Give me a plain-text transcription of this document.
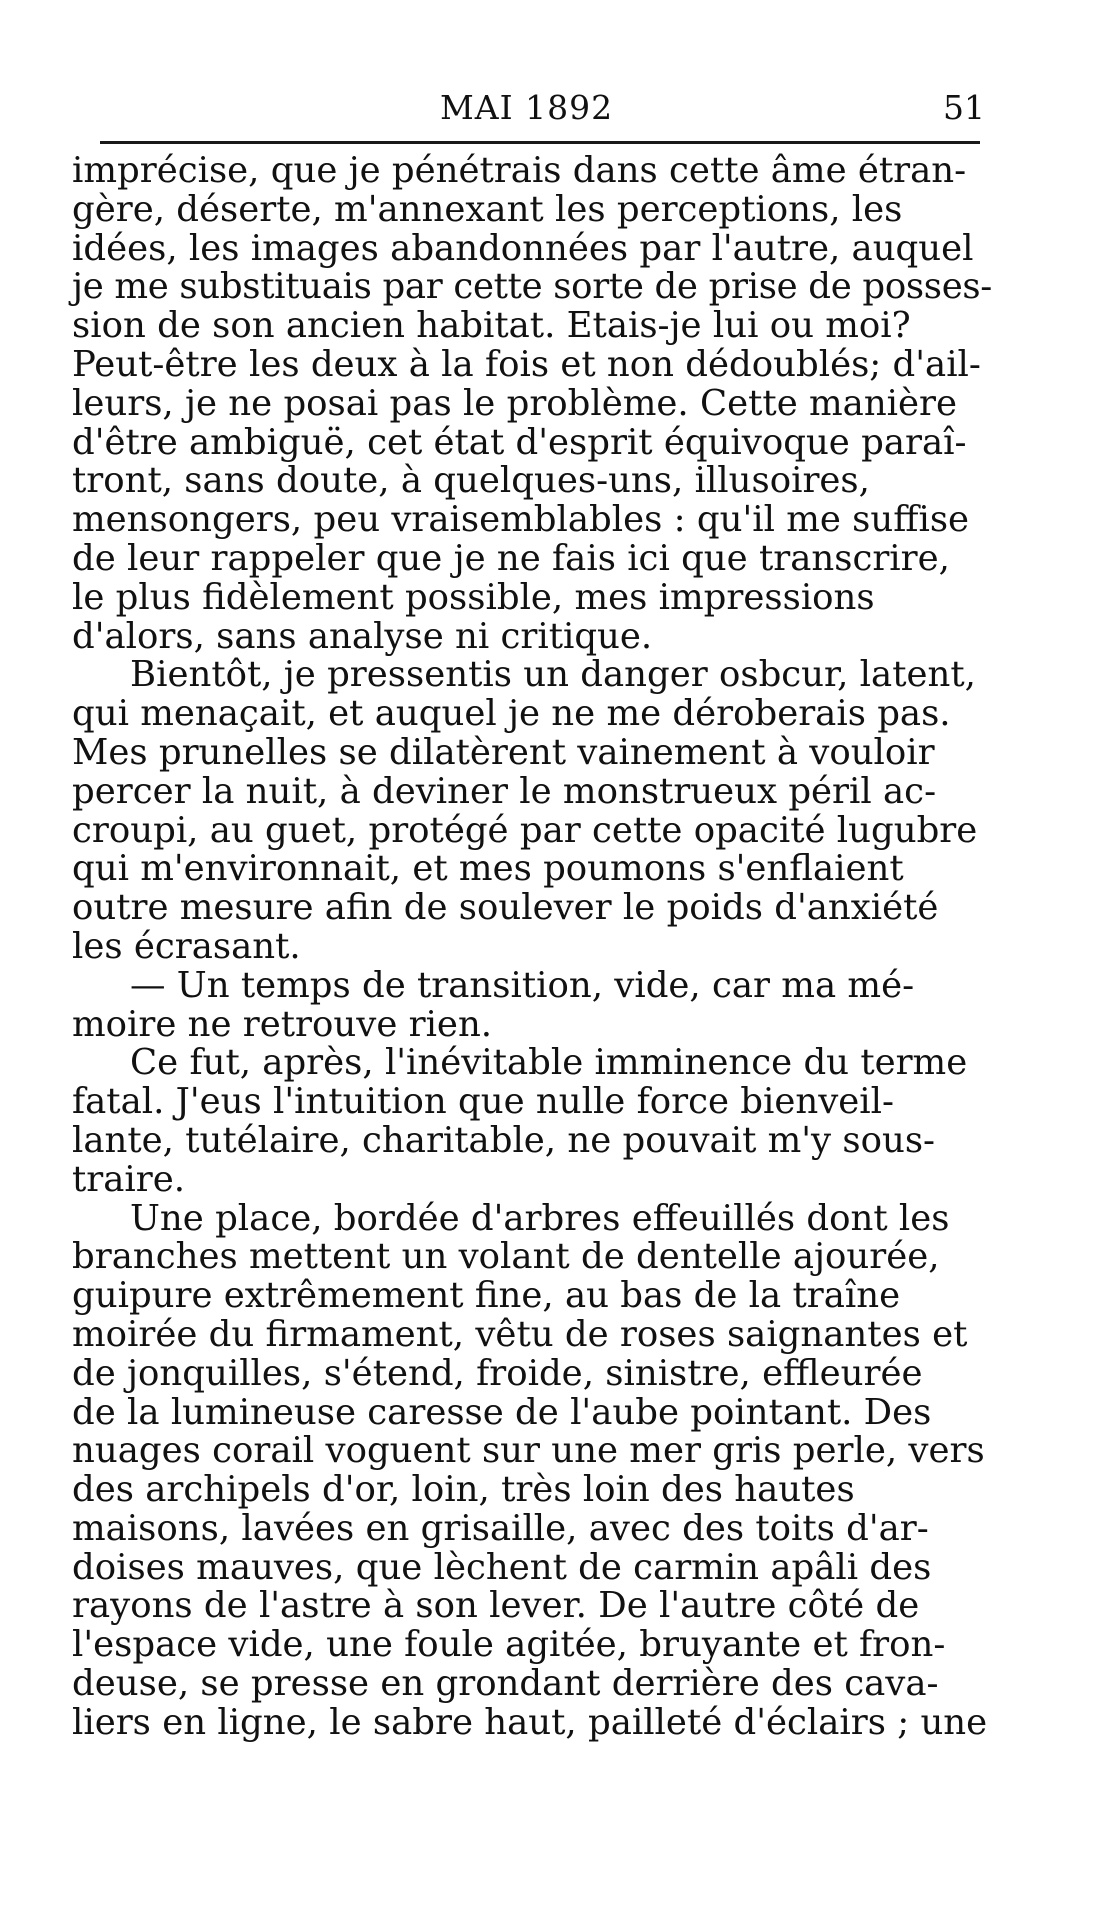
MAI 1892	51
imprécise, que je pénétrais dans cette âme étran-
gère, déserte, m'annexant les perceptions, les
idées, les images abandonnées par l'autre, auquel
je me substituais par cette sorte de prise de posses-
sion de son ancien habitat. Etais-je lui ou moi?
Peut-être les deux à la fois et non dédoublés; d'ail-
leurs, je ne posai pas le problème. Cette manière
d'être ambiguë, cet état d'esprit équivoque paraî-
tront, sans doute, à quelques-uns, illusoires,
mensongers, peu vraisemblables : qu'il me suffise
de leur rappeler que je ne fais ici que transcrire,
le plus fidèlement possible, mes impressions
d'alors, sans analyse ni critique.
Bientôt, je pressentis un danger osbcur, latent,
qui menaçait, et auquel je ne me déroberais pas.
Mes prunelles se dilatèrent vainement à vouloir
percer la nuit, à deviner le monstrueux péril ac-
croupi, au guet, protégé par cette opacité lugubre
qui m'environnait, et mes poumons s'enflaient
outre mesure afin de soulever le poids d'anxiété
les écrasant.
— Un temps de transition, vide, car ma mé-
moire ne retrouve rien.
Ce fut, après, l'inévitable imminence du terme
fatal. J'eus l'intuition que nulle force bienveil-
lante, tutélaire, charitable, ne pouvait m'y sous-
traire.
Une place, bordée d'arbres effeuillés dont les
branches mettent un volant de dentelle ajourée,
guipure extrêmement fine, au bas de la traîne
moirée du firmament, vêtu de roses saignantes et
de jonquilles, s'étend, froide, sinistre, effleurée
de la lumineuse caresse de l'aube pointant. Des
nuages corail voguent sur une mer gris perle, vers
des archipels d'or, loin, très loin des hautes
maisons, lavées en grisaille, avec des toits d'ar-
doises mauves, que lèchent de carmin apâli des
rayons de l'astre à son lever. De l'autre côté de
l'espace vide, une foule agitée, bruyante et fron-
deuse, se presse en grondant derrière des cava-
liers en ligne, le sabre haut, pailleté d'éclairs ; une
